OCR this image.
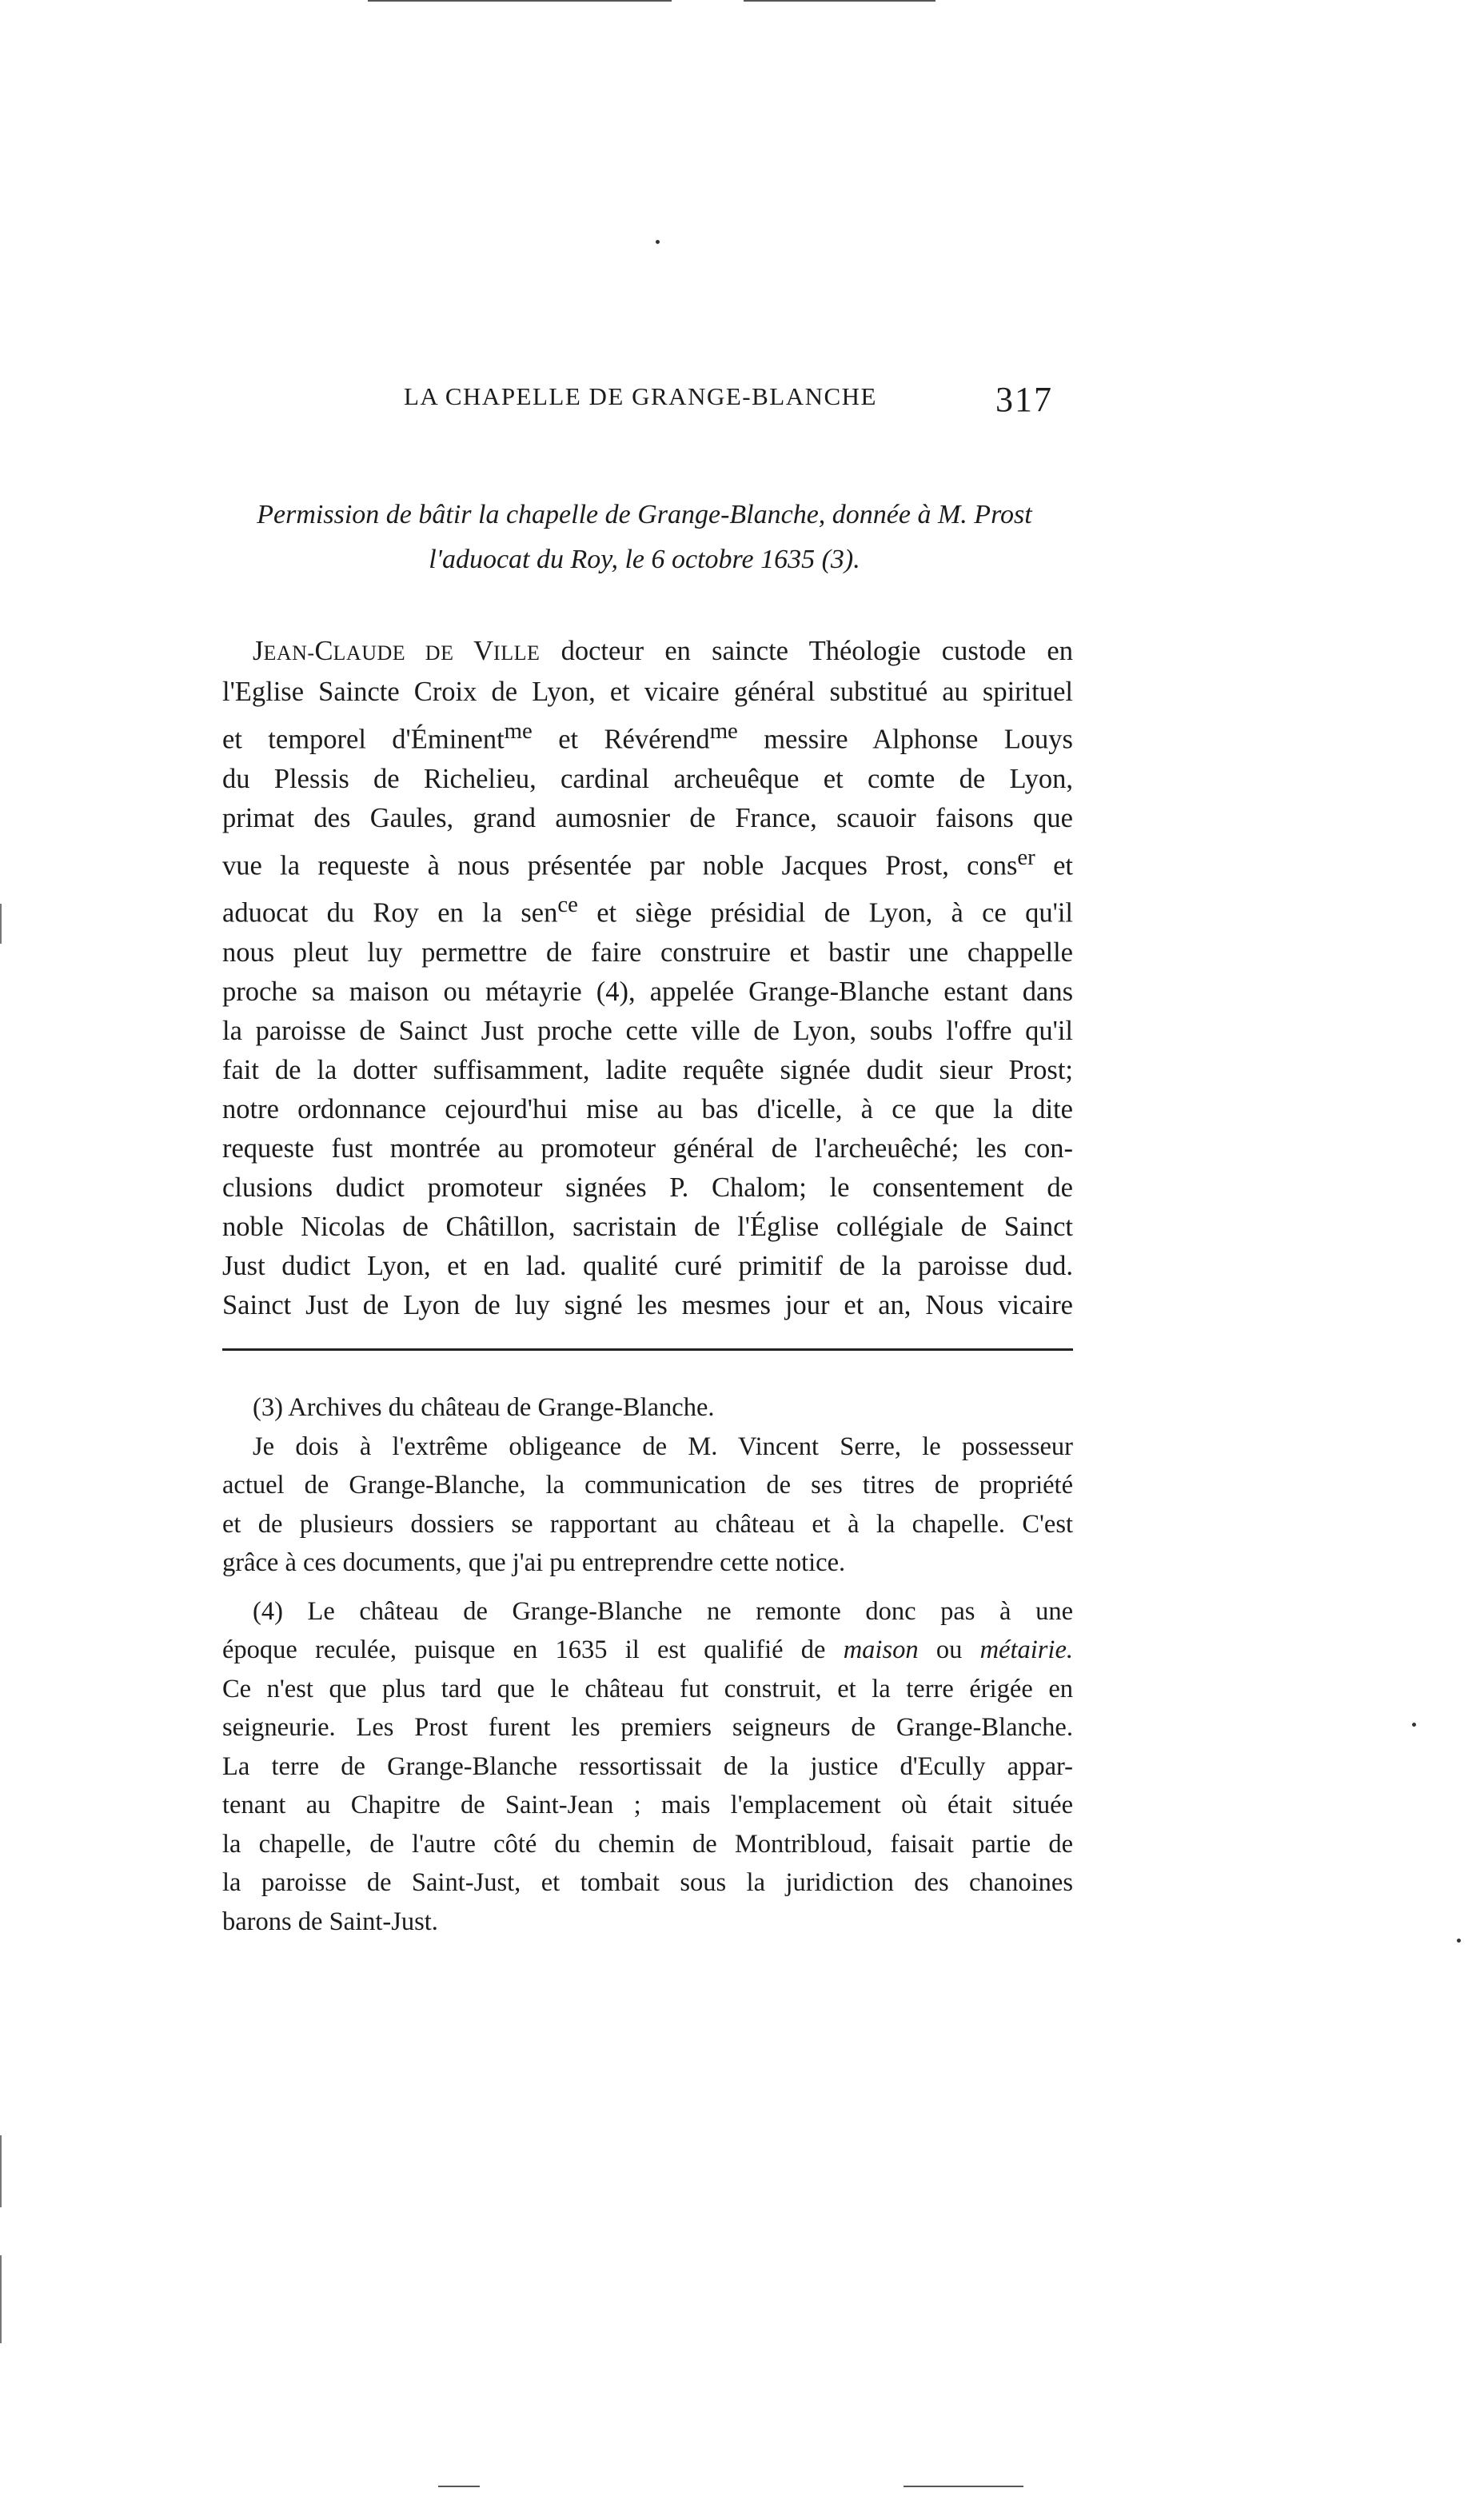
LA CHAPELLE DE GRANGE-BLANCHE	317
Permission de bâtir la chapelle de Grange-Blanche, donnée à M. Prost
l'aduocat du Roy, le 6 octobre 1635 (3).
JEAN-CLAUDE DE VILLE docteur en saincte Théologie custode en
l'Eglise Saincte Croix de Lyon, et vicaire général substitué au spirituel
et temporel d'Éminent$^{me}$ et Révérend$^{me}$ messire Alphonse Louys
du Plessis de Richelieu, cardinal archeuêque et comte de Lyon,
primat des Gaules, grand aumosnier de France, scauoir faisons que
vue la requeste à nous présentée par noble Jacques Prost, cons$^{er}$ et
aduocat du Roy en la sen$^{ce}$ et siège présidial de Lyon, à ce qu'il
nous pleut luy permettre de faire construire et bastir une chappelle
proche sa maison ou métayrie (4), appelée Grange-Blanche estant dans
la paroisse de Sainct Just proche cette ville de Lyon, soubs l'offre qu'il
fait de la dotter suffisamment, ladite requête signée dudit sieur Prost;
notre ordonnance cejourd'hui mise au bas d'icelle, à ce que la dite
requeste fust montrée au promoteur général de l'archeuêché; les con-
clusions dudict promoteur signées P. Chalom; le consentement de
noble Nicolas de Châtillon, sacristain de l'Église collégiale de Sainct
Just dudict Lyon, et en lad. qualité curé primitif de la paroisse dud.
Sainct Just de Lyon de luy signé les mesmes jour et an, Nous vicaire
(3) Archives du château de Grange-Blanche.
Je dois à l'extrême obligeance de M. Vincent Serre, le possesseur
actuel de Grange-Blanche, la communication de ses titres de propriété
et de plusieurs dossiers se rapportant au château et à la chapelle. C'est
grâce à ces documents, que j'ai pu entreprendre cette notice.
(4) Le château de Grange-Blanche ne remonte donc pas à une
époque reculée, puisque en 1635 il est qualifié de maison ou métairie.
Ce n'est que plus tard que le château fut construit, et la terre érigée en
seigneurie. Les Prost furent les premiers seigneurs de Grange-Blanche.
La terre de Grange-Blanche ressortissait de la justice d'Ecully appar-
tenant au Chapitre de Saint-Jean ; mais l'emplacement où était située
la chapelle, de l'autre côté du chemin de Montribloud, faisait partie de
la paroisse de Saint-Just, et tombait sous la juridiction des chanoines
barons de Saint-Just.
